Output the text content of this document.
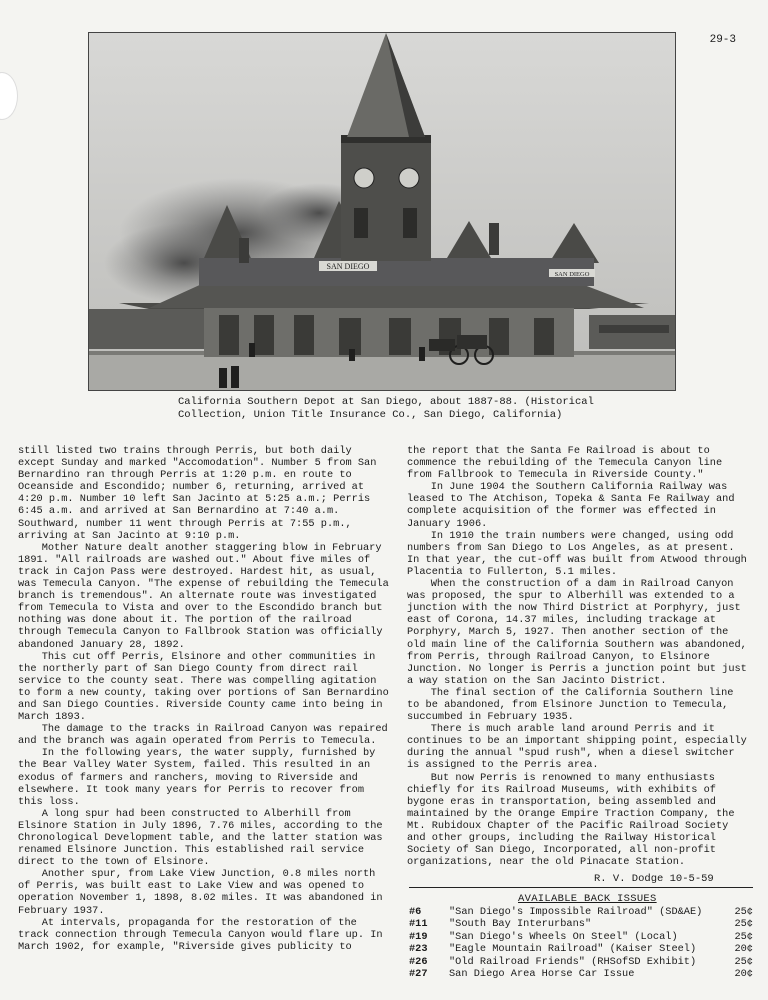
29-3
SAN DIEGO
SAN DIEGO
California Southern Depot at San Diego, about 1887-88. (Historical Collection, Union Title Insurance Co., San Diego, California)

still listed two trains through Perris, but both daily except Sunday and marked "Accomodation". Number 5 from San Bernardino ran through Perris at 1:20 p.m. en route to Oceanside and Escondido; number 6, returning, arrived at 4:20 p.m. Number 10 left San Jacinto at 5:25 a.m.; Perris 6:45 a.m. and arrived at San Bernardino at 7:40 a.m. Southward, number 11 went through Perris at 7:55 p.m., arriving at San Jacinto at 9:10 p.m.

Mother Nature dealt another staggering blow in February 1891. "All railroads are washed out." About five miles of track in Cajon Pass were destroyed. Hardest hit, as usual, was Temecula Canyon. "The expense of rebuilding the Temecula branch is tremendous". An alternate route was investigated from Temecula to Vista and over to the Escondido branch but nothing was done about it. The portion of the railroad through Temecula Canyon to Fallbrook Station was officially abandoned January 28, 1892.

This cut off Perris, Elsinore and other communities in the northerly part of San Diego County from direct rail service to the county seat. There was compelling agitation to form a new county, taking over portions of San Bernardino and San Diego Counties. Riverside County came into being in March 1893.

The damage to the tracks in Railroad Canyon was repaired and the branch was again operated from Perris to Temecula.

In the following years, the water supply, furnished by the Bear Valley Water System, failed. This resulted in an exodus of farmers and ranchers, moving to Riverside and elsewhere. It took many years for Perris to recover from this loss.

A long spur had been constructed to Alberhill from Elsinore Station in July 1896, 7.76 miles, according to the Chronological Development table, and the latter station was renamed Elsinore Junction. This established rail service direct to the town of Elsinore.

Another spur, from Lake View Junction, 0.8 miles north of Perris, was built east to Lake View and was opened to operation November 1, 1898, 8.02 miles. It was abandoned in February 1937.

At intervals, propaganda for the restoration of the track connection through Temecula Canyon would flare up. In March 1902, for example, "Riverside gives publicity to

the report that the Santa Fe Railroad is about to commence the rebuilding of the Temecula Canyon line from Fallbrook to Temecula in Riverside County."

In June 1904 the Southern California Railway was leased to The Atchison, Topeka & Santa Fe Railway and complete acquisition of the former was effected in January 1906.

In 1910 the train numbers were changed, using odd numbers from San Diego to Los Angeles, as at present. In that year, the cut-off was built from Atwood through Placentia to Fullerton, 5.1 miles.

When the construction of a dam in Railroad Canyon was proposed, the spur to Alberhill was extended to a junction with the now Third District at Porphyry, just east of Corona, 14.37 miles, including trackage at Porphyry, March 5, 1927. Then another section of the old main line of the California Southern was abandoned, from Perris, through Railroad Canyon, to Elsinore Junction. No longer is Perris a junction point but just a way station on the San Jacinto District.

The final section of the California Southern line to be abandoned, from Elsinore Junction to Temecula, succumbed in February 1935.

There is much arable land around Perris and it continues to be an important shipping point, especially during the annual "spud rush", when a diesel switcher is assigned to the Perris area.

But now Perris is renowned to many enthusiasts chiefly for its Railroad Museums, with exhibits of bygone eras in transportation, being assembled and maintained by the Orange Empire Traction Company, the Mt. Rubidoux Chapter of the Pacific Railroad Society and other groups, including the Railway Historical Society of San Diego, Incorporated, all non-profit organizations, near the old Pinacate Station.

R. V. Dodge 10-5-59
AVAILABLE BACK ISSUES
#6	"San Diego's Impossible Railroad" (SD&AE)	25¢
#11	"South Bay Interurbans"	25¢
#19	"San Diego's Wheels On Steel" (Local)	25¢
#23	"Eagle Mountain Railroad" (Kaiser Steel)	20¢
#26	"Old Railroad Friends" (RHSofSD Exhibit)	25¢
#27	San Diego Area Horse Car Issue	20¢
